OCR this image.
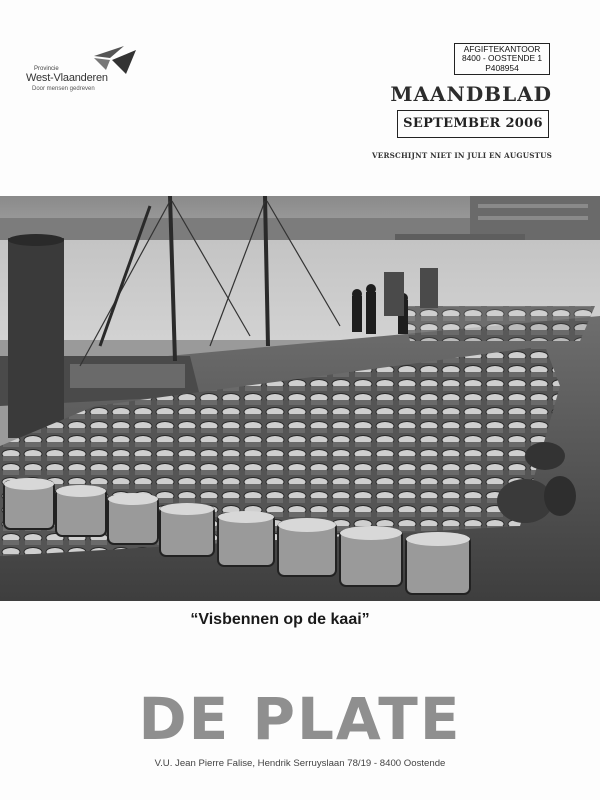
Provincie
West-Vlaanderen
Door mensen gedreven
AFGIFTEKANTOOR
8400 - OOSTENDE 1
P408954
MAANDBLAD
SEPTEMBER 2006
VERSCHIJNT NIET IN JULI EN AUGUSTUS
“Visbennen op de kaai”
DE PLATE
V.U. Jean Pierre Falise, Hendrik Serruyslaan 78/19 - 8400 Oostende
